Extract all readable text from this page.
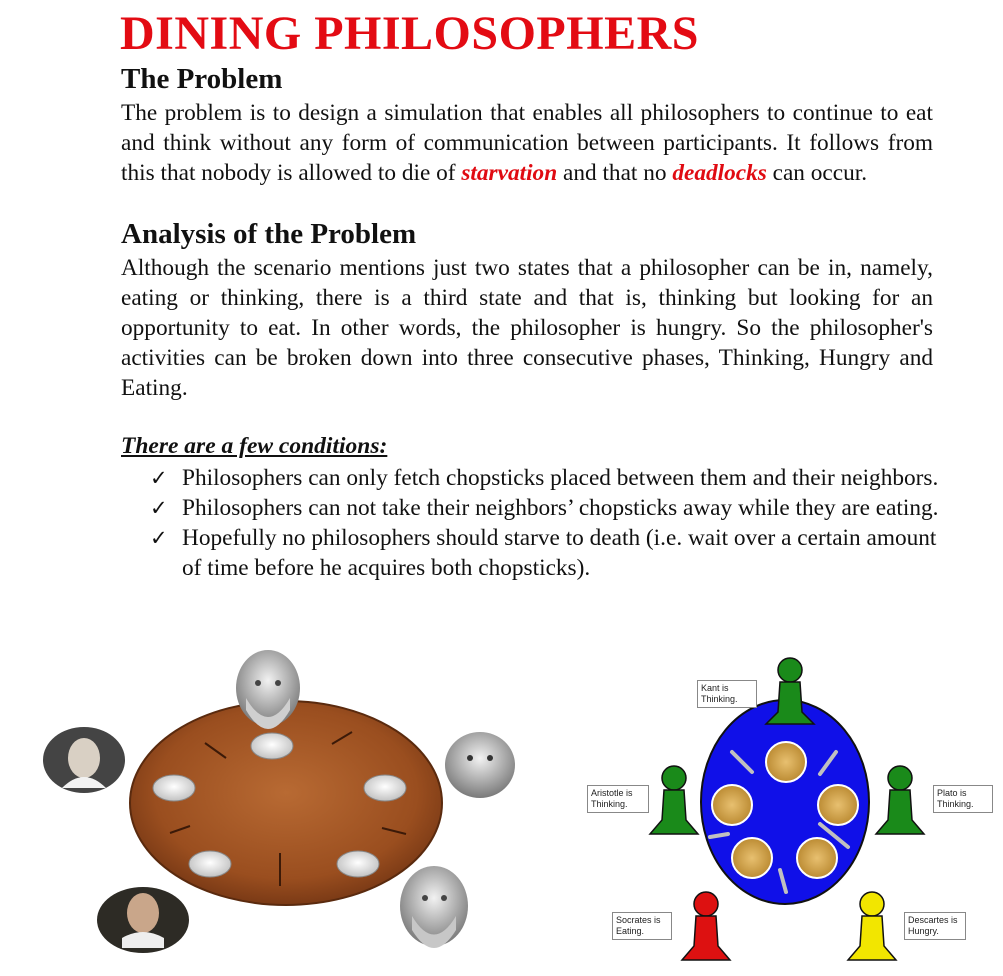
DINING PHILOSOPHERS
The Problem
The problem is to design a simulation that enables all philosophers to continue to eat and think without any form of communication between participants. It follows from this that nobody is allowed to die of starvation and that no deadlocks can occur.
Analysis of the Problem
Although the scenario mentions just two states that a philosopher can be in, namely, eating or thinking, there is a third state and that is, thinking but looking for an opportunity to eat. In other words, the philosopher is hungry. So the philosopher's activities can be broken down into three consecutive phases, Thinking, Hungry and Eating.
There are a few conditions:
✓ Philosophers can only fetch chopsticks placed between them and their neighbors.
✓ Philosophers can not take their neighbors’ chopsticks away while they are eating.
✓ Hopefully no philosophers should starve to death (i.e. wait over a certain amount of time before he acquires both chopsticks).
Kant is Thinking.
Aristotle is Thinking.
Plato is Thinking.
Socrates is Eating.
Descartes is Hungry.
